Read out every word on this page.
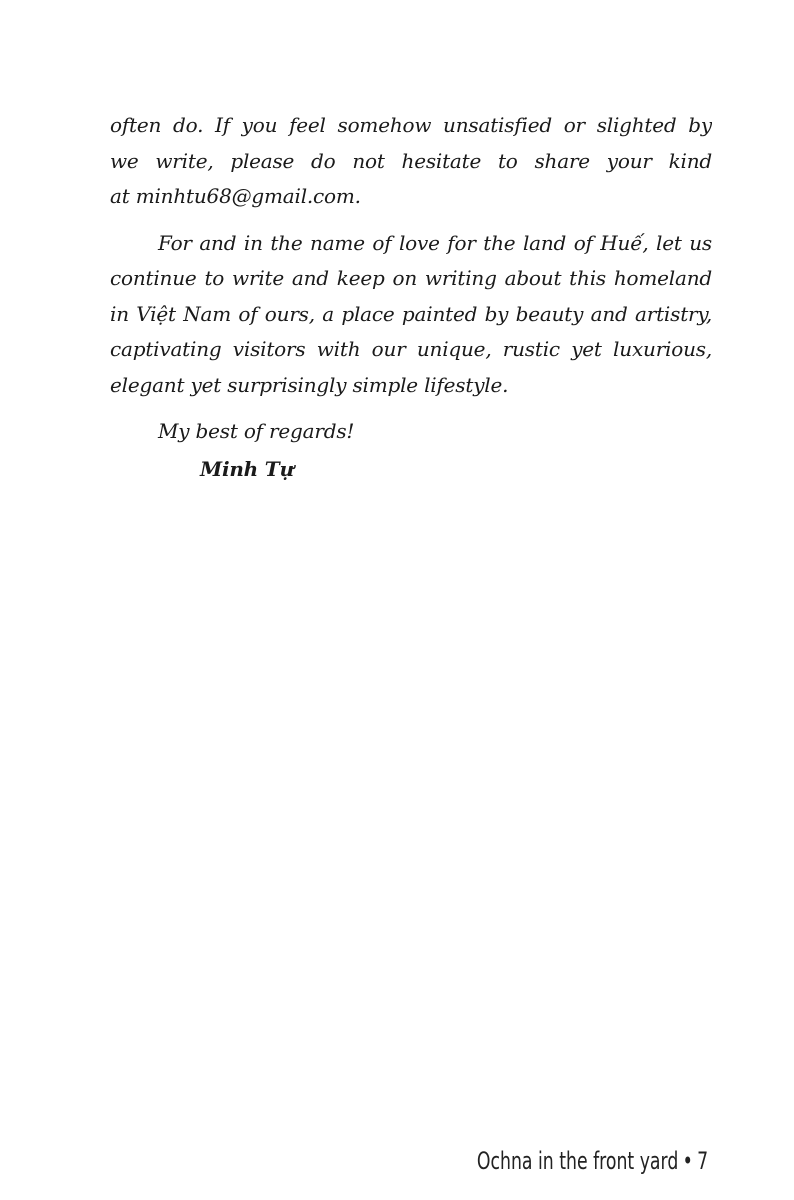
often do. If you feel somehow unsatisfied or slighted by
we write, please do not hesitate to share your kind
at minhtu68@gmail.com.
For and in the name of love for the land of Huế, let us
continue to write and keep on writing about this homeland
in Việt Nam of ours, a place painted by beauty and artistry,
captivating visitors with our unique, rustic yet luxurious,
elegant yet surprisingly simple lifestyle.
My best of regards!
Minh Tự
Ochna in the front yard • 7
